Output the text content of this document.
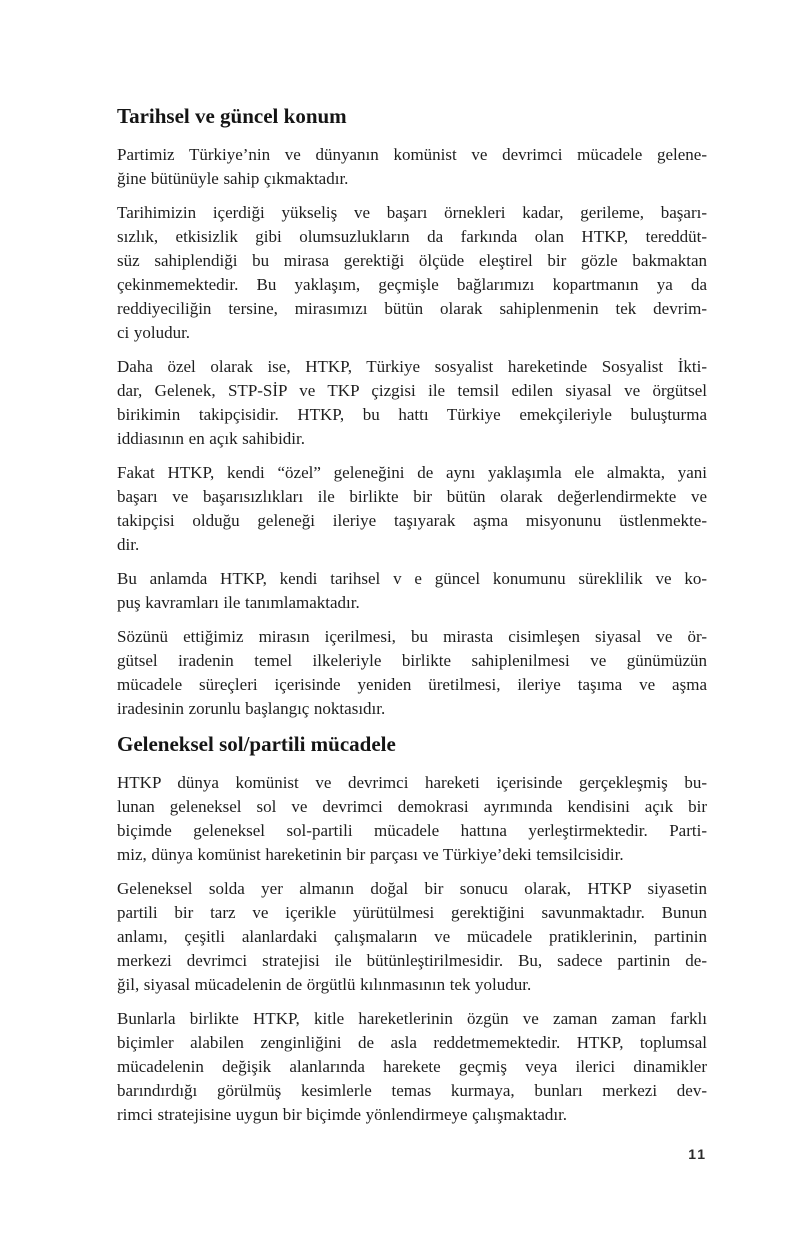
Tarihsel ve güncel konum

Partimiz Türkiye’nin ve dünyanın komünist ve devrimci mücadele gelene-
ğine bütünüyle sahip çıkmaktadır.

Tarihimizin içerdiği yükseliş ve başarı örnekleri kadar, gerileme, başarı-
sızlık, etkisizlik gibi olumsuzlukların da farkında olan HTKP, tereddüt-
süz sahiplendiği bu mirasa gerektiği ölçüde eleştirel bir gözle bakmaktan
çekinmemektedir. Bu yaklaşım, geçmişle bağlarımızı kopartmanın ya da
reddiyeciliğin tersine, mirasımızı bütün olarak sahiplenmenin tek devrim-
ci yoludur.

Daha özel olarak ise, HTKP, Türkiye sosyalist hareketinde Sosyalist İkti-
dar, Gelenek, STP-SİP ve TKP çizgisi ile temsil edilen siyasal ve örgütsel
birikimin takipçisidir. HTKP, bu hattı Türkiye emekçileriyle buluşturma
iddiasının en açık sahibidir.

Fakat HTKP, kendi “özel” geleneğini de aynı yaklaşımla ele almakta, yani
başarı ve başarısızlıkları ile birlikte bir bütün olarak değerlendirmekte ve
takipçisi olduğu geleneği ileriye taşıyarak aşma misyonunu üstlenmekte-
dir.

Bu anlamda HTKP, kendi tarihsel v e güncel konumunu süreklilik ve ko-
puş kavramları ile tanımlamaktadır.

Sözünü ettiğimiz mirasın içerilmesi, bu mirasta cisimleşen siyasal ve ör-
gütsel iradenin temel ilkeleriyle birlikte sahiplenilmesi ve günümüzün
mücadele süreçleri içerisinde yeniden üretilmesi, ileriye taşıma ve aşma
iradesinin zorunlu başlangıç noktasıdır.

Geleneksel sol/partili mücadele

HTKP dünya komünist ve devrimci hareketi içerisinde gerçekleşmiş bu-
lunan geleneksel sol ve devrimci demokrasi ayrımında kendisini açık bir
biçimde geleneksel sol-partili mücadele hattına yerleştirmektedir. Parti-
miz, dünya komünist hareketinin bir parçası ve Türkiye’deki temsilcisidir.

Geleneksel solda yer almanın doğal bir sonucu olarak, HTKP siyasetin
partili bir tarz ve içerikle yürütülmesi gerektiğini savunmaktadır. Bunun
anlamı, çeşitli alanlardaki çalışmaların ve mücadele pratiklerinin, partinin
merkezi devrimci stratejisi ile bütünleştirilmesidir. Bu, sadece partinin de-
ğil, siyasal mücadelenin de örgütlü kılınmasının tek yoludur.

Bunlarla birlikte HTKP, kitle hareketlerinin özgün ve zaman zaman farklı
biçimler alabilen zenginliğini de asla reddetmemektedir. HTKP, toplumsal
mücadelenin değişik alanlarında harekete geçmiş veya ilerici dinamikler
barındırdığı görülmüş kesimlerle temas kurmaya, bunları merkezi dev-
rimci stratejisine uygun bir biçimde yönlendirmeye çalışmaktadır.

11
